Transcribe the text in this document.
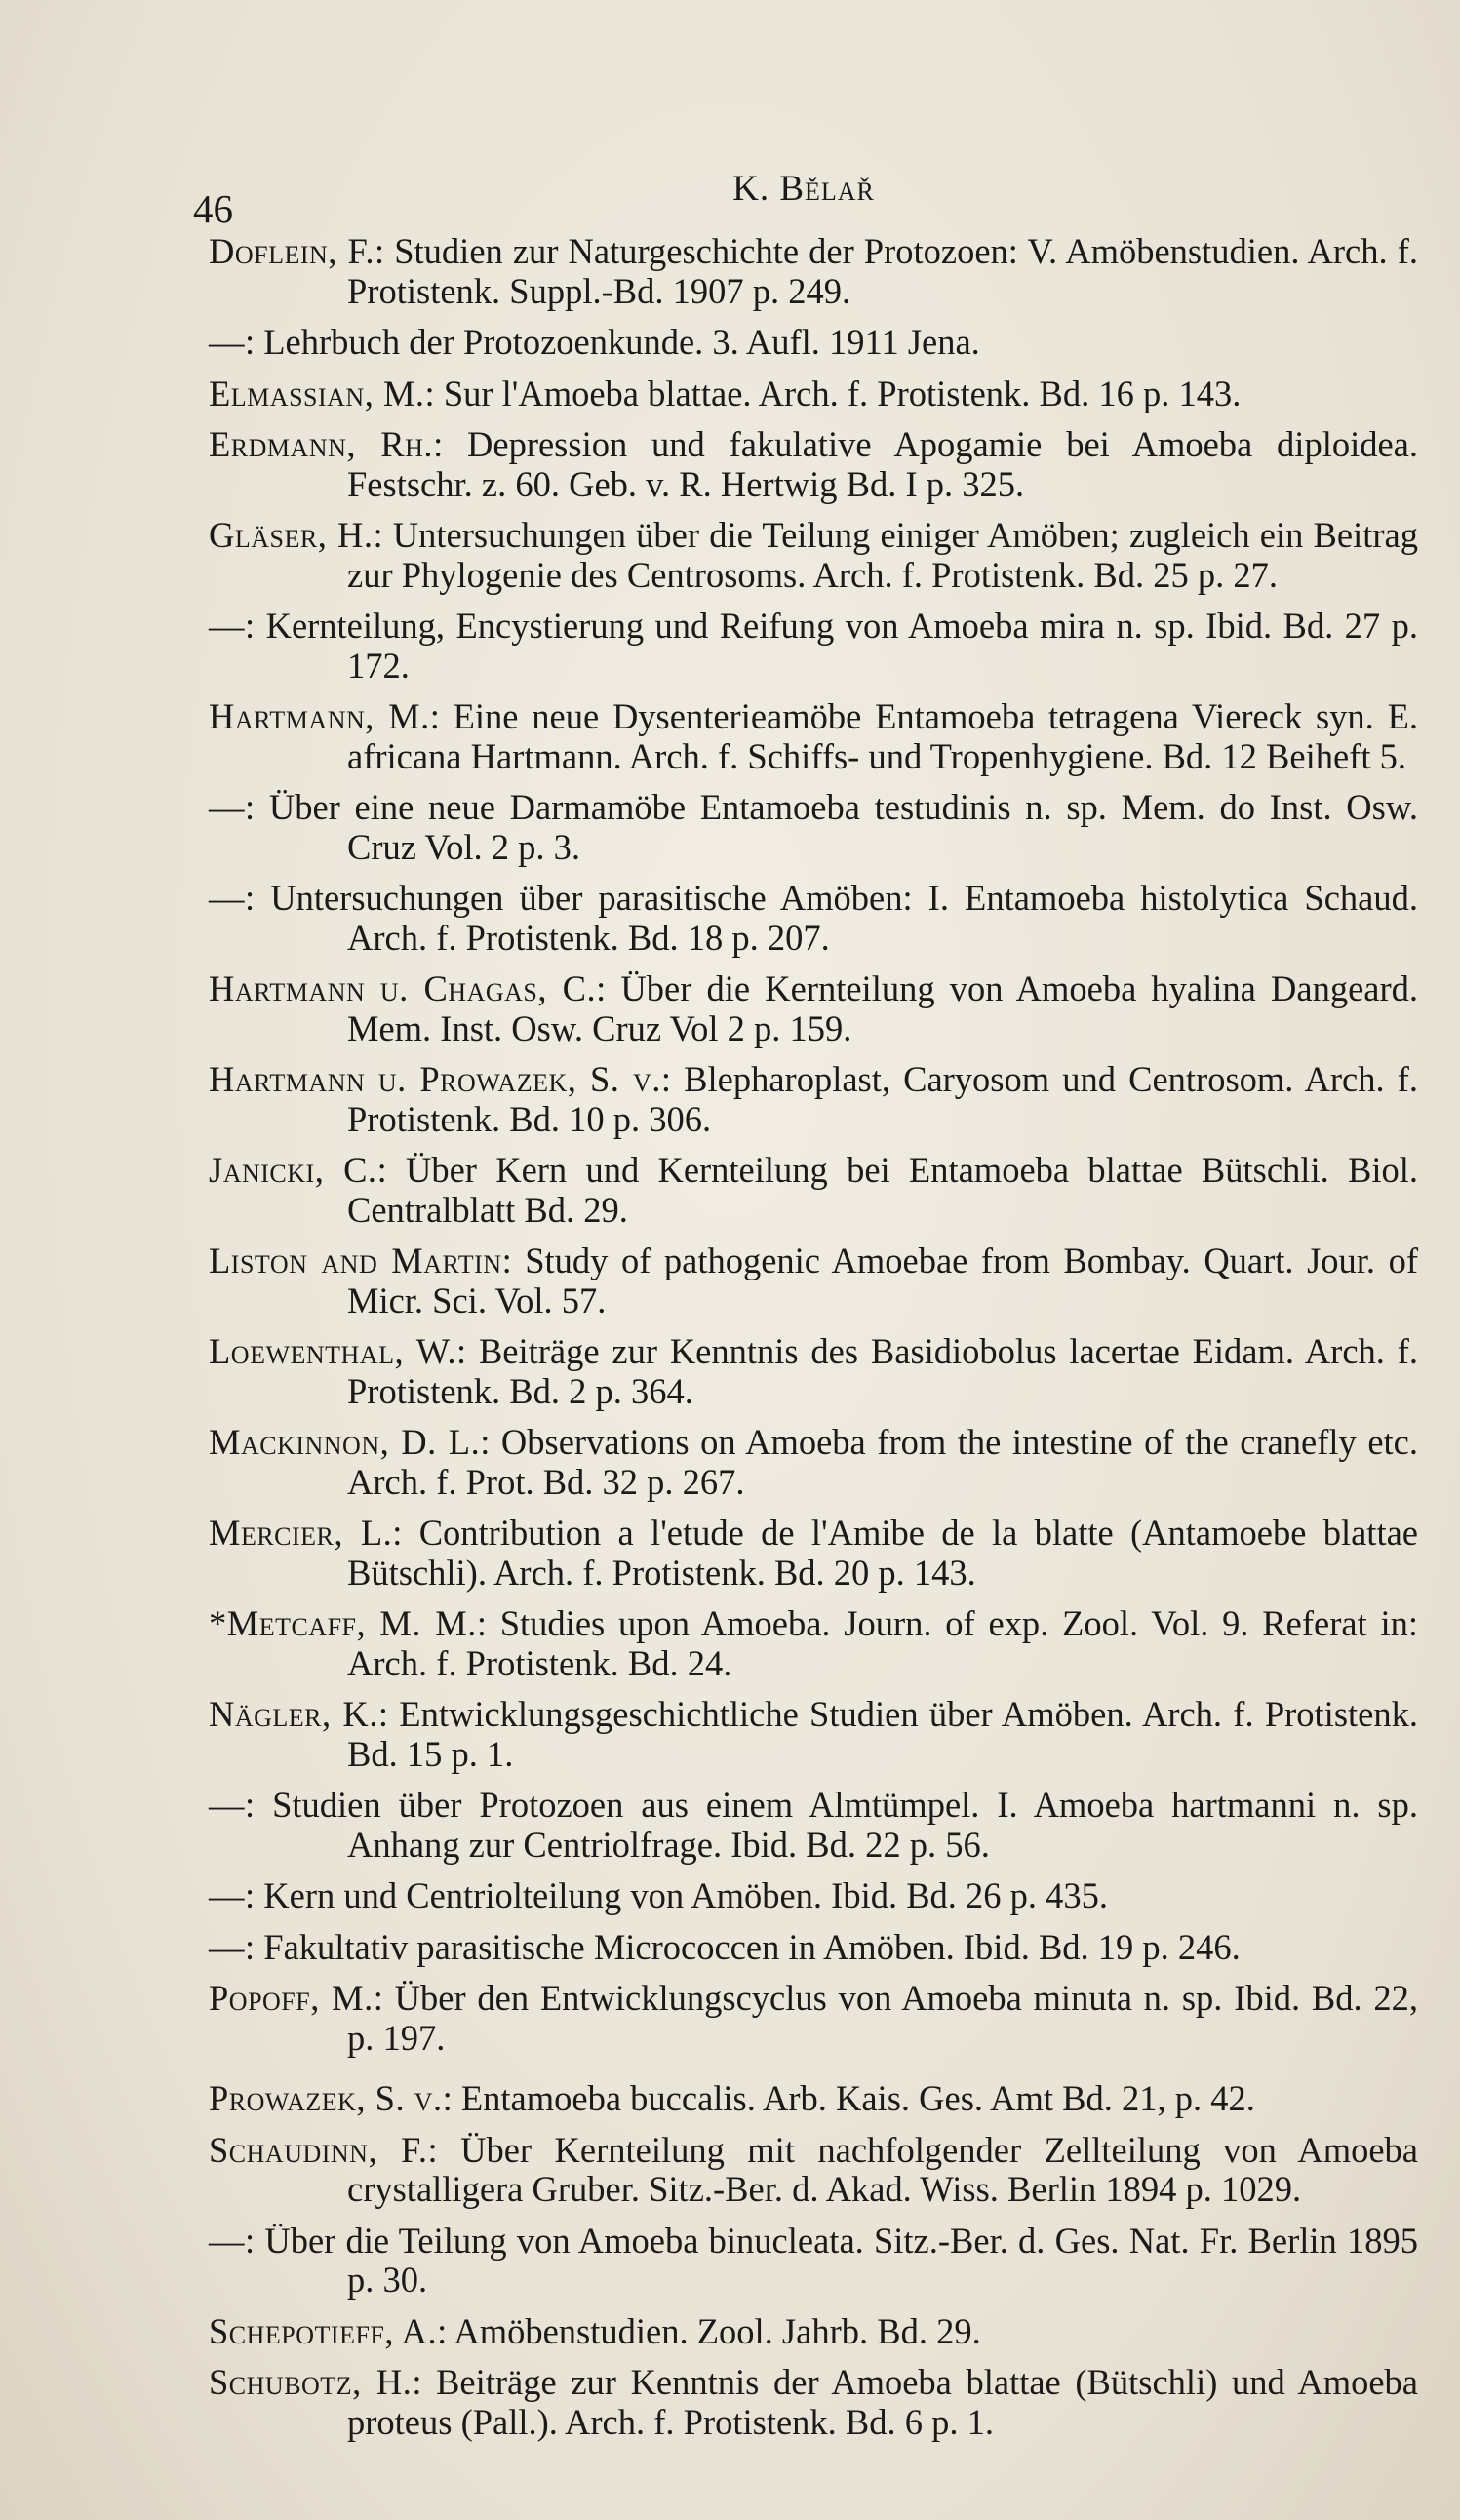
46	K. Bělař

Doflein, F.: Studien zur Naturgeschichte der Protozoen: V. Amöbenstudien. Arch. f. Protistenk. Suppl.-Bd. 1907 p. 249.

—: Lehrbuch der Protozoenkunde. 3. Aufl. 1911 Jena.

Elmassian, M.: Sur l'Amoeba blattae. Arch. f. Protistenk. Bd. 16 p. 143.

Erdmann, Rh.: Depression und fakulative Apogamie bei Amoeba diploidea. Festschr. z. 60. Geb. v. R. Hertwig Bd. I p. 325.

Gläser, H.: Untersuchungen über die Teilung einiger Amöben; zugleich ein Beitrag zur Phylogenie des Centrosoms. Arch. f. Protistenk. Bd. 25 p. 27.

—: Kernteilung, Encystierung und Reifung von Amoeba mira n. sp. Ibid. Bd. 27 p. 172.

Hartmann, M.: Eine neue Dysenterieamöbe Entamoeba tetragena Viereck syn. E. africana Hartmann. Arch. f. Schiffs- und Tropenhygiene. Bd. 12 Beiheft 5.

—: Über eine neue Darmamöbe Entamoeba testudinis n. sp. Mem. do Inst. Osw. Cruz Vol. 2 p. 3.

—: Untersuchungen über parasitische Amöben: I. Entamoeba histolytica Schaud. Arch. f. Protistenk. Bd. 18 p. 207.

Hartmann u. Chagas, C.: Über die Kernteilung von Amoeba hyalina Dangeard. Mem. Inst. Osw. Cruz Vol 2 p. 159.

Hartmann u. Prowazek, S. v.: Blepharoplast, Caryosom und Centrosom. Arch. f. Protistenk. Bd. 10 p. 306.

Janicki, C.: Über Kern und Kernteilung bei Entamoeba blattae Bütschli. Biol. Centralblatt Bd. 29.

Liston and Martin: Study of pathogenic Amoebae from Bombay. Quart. Jour. of Micr. Sci. Vol. 57.

Loewenthal, W.: Beiträge zur Kenntnis des Basidiobolus lacertae Eidam. Arch. f. Protistenk. Bd. 2 p. 364.

Mackinnon, D. L.: Observations on Amoeba from the intestine of the cranefly etc. Arch. f. Prot. Bd. 32 p. 267.

Mercier, L.: Contribution a l'etude de l'Amibe de la blatte (Antamoebe blattae Bütschli). Arch. f. Protistenk. Bd. 20 p. 143.

*Metcaff, M. M.: Studies upon Amoeba. Journ. of exp. Zool. Vol. 9. Referat in: Arch. f. Protistenk. Bd. 24.

Nägler, K.: Entwicklungsgeschichtliche Studien über Amöben. Arch. f. Protistenk. Bd. 15 p. 1.

—: Studien über Protozoen aus einem Almtümpel. I. Amoeba hartmanni n. sp. Anhang zur Centriolfrage. Ibid. Bd. 22 p. 56.

—: Kern und Centriolteilung von Amöben. Ibid. Bd. 26 p. 435.

—: Fakultativ parasitische Micrococcen in Amöben. Ibid. Bd. 19 p. 246.

Popoff, M.: Über den Entwicklungscyclus von Amoeba minuta n. sp. Ibid. Bd. 22, p. 197.

Prowazek, S. v.: Entamoeba buccalis. Arb. Kais. Ges. Amt Bd. 21, p. 42.

Schaudinn, F.: Über Kernteilung mit nachfolgender Zellteilung von Amoeba crystalligera Gruber. Sitz.-Ber. d. Akad. Wiss. Berlin 1894 p. 1029.

—: Über die Teilung von Amoeba binucleata. Sitz.-Ber. d. Ges. Nat. Fr. Berlin 1895 p. 30.

Schepotieff, A.: Amöbenstudien. Zool. Jahrb. Bd. 29.

Schubotz, H.: Beiträge zur Kenntnis der Amoeba blattae (Bütschli) und Amoeba proteus (Pall.). Arch. f. Protistenk. Bd. 6 p. 1.
